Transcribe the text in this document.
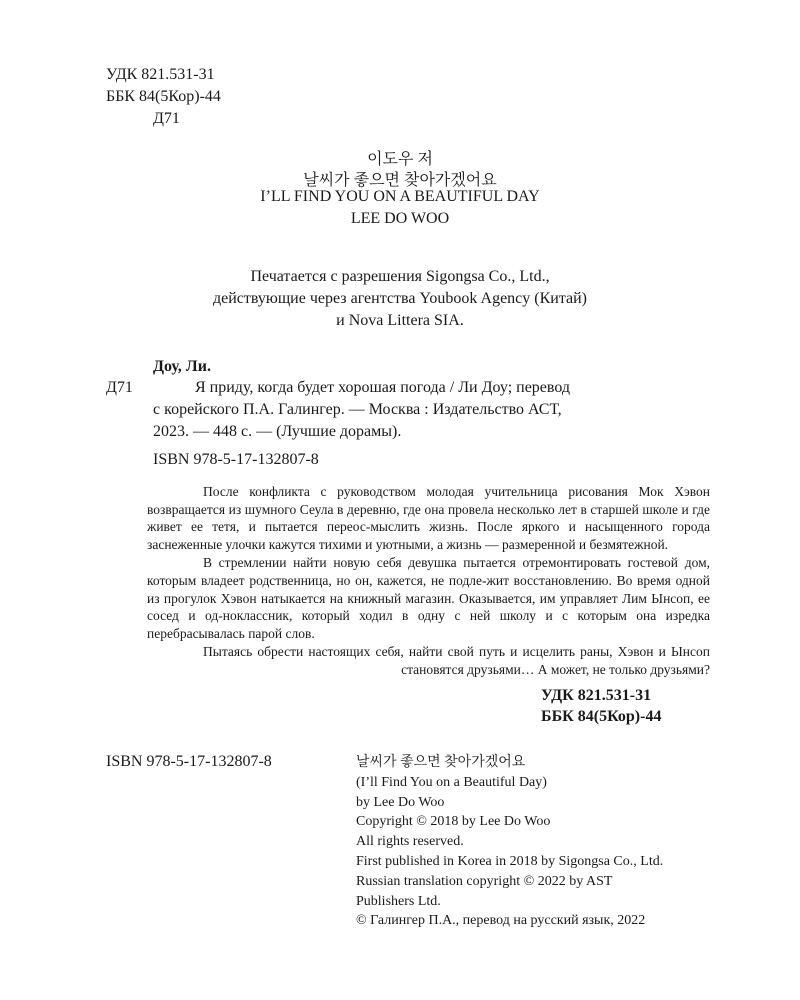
УДК 821.531-31
ББК 84(5Кор)-44
Д71
이도우 저
날씨가 좋으면 찾아가겠어요
I’LL FIND YOU ON A BEAUTIFUL DAY
LEE DO WOO
Печатается с разрешения Sigongsa Co., Ltd.,
действующие через агентства Youbook Agency (Китай)
и Nova Littera SIA.
Доу, Ли.
Д71	Я приду, когда будет хорошая погода / Ли Доу; перевод
с корейского П.А. Галингер. — Москва : Издательство АСТ,
2023. — 448 с. — (Лучшие дорамы).
ISBN 978-5-17-132807-8

После конфликта с руководством молодая учительница рисования Мок Хэвон возвращается из шумного Сеула в деревню, где она провела несколько лет в старшей школе и где живет ее тетя, и пытается переос-мыслить жизнь. После яркого и насыщенного города заснеженные улочки кажутся тихими и уютными, а жизнь — размеренной и безмятежной.

В стремлении найти новую себя девушка пытается отремонтировать гостевой дом, которым владеет родственница, но он, кажется, не подле-жит восстановлению. Во время одной из прогулок Хэвон натыкается на книжный магазин. Оказывается, им управляет Лим Ынсоп, ее сосед и од-ноклассник, который ходил в одну с ней школу и с которым она изредка перебрасывалась парой слов.

Пытаясь обрести настоящих себя, найти свой путь и исцелить раны, Хэвон и Ынсоп становятся друзьями… А может, не только друзьями?

УДК 821.531-31
ББК 84(5Кор)-44
ISBN 978-5-17-132807-8	날씨가 좋으면 찾아가겠어요
(I’ll Find You on a Beautiful Day)
by Lee Do Woo
Copyright © 2018 by Lee Do Woo
All rights reserved.
First published in Korea in 2018 by Sigongsa Co., Ltd.
Russian translation copyright © 2022 by AST
Publishers Ltd.
© Галингер П.А., перевод на русский язык, 2022
